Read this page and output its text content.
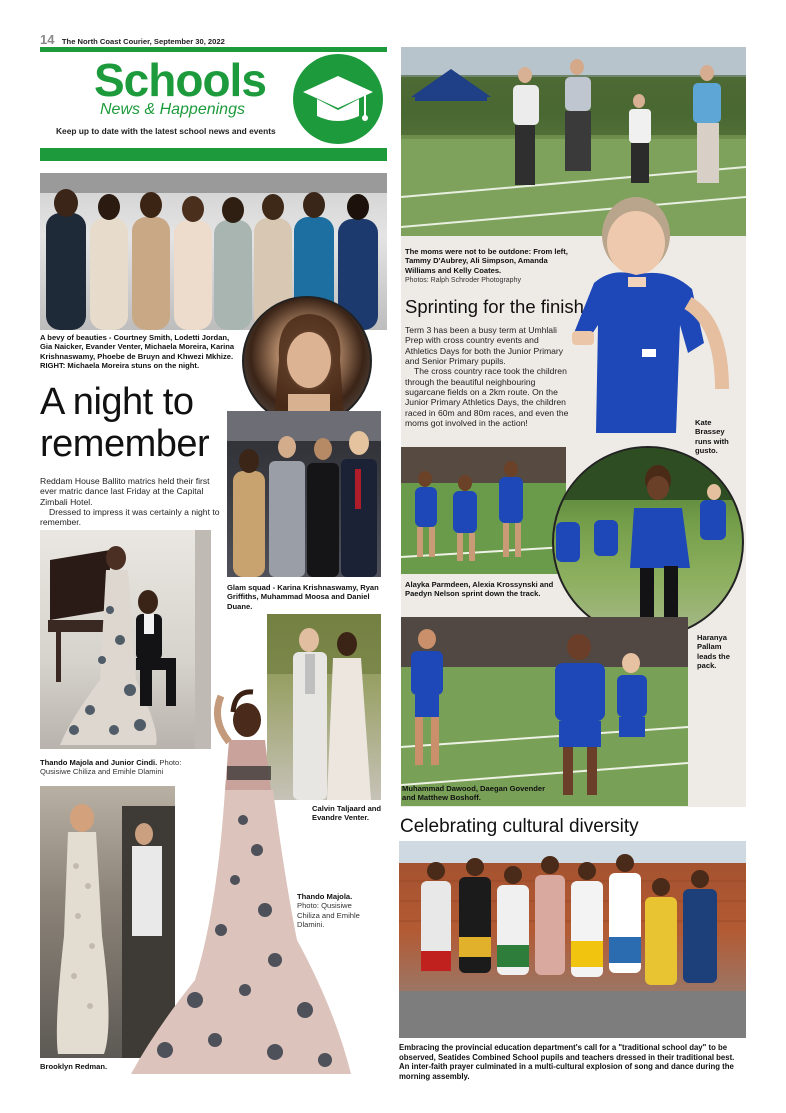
14 The North Coast Courier, September 30, 2022
Schools
News & Happenings
Keep up to date with the latest school news and events
A bevy of beauties - Courtney Smith, Lodetti Jordan, Gia Naicker, Evander Venter, Michaela Moreira, Karina Krishnaswamy, Phoebe de Bruyn and Khwezi Mkhize.
RIGHT: Michaela Moreira stuns on the night.
A night to
remember

Reddam House Ballito matrics held their first ever matric dance last Friday at the Capital Zimbali Hotel.

Dressed to impress it was certainly a night to remember.

Glam squad - Karina Krishnaswamy, Ryan Griffiths, Muhammad Moosa and Daniel Duane.
Thando Majola and Junior Cindi. Photo: Qusisiwe Chiliza and Emihle Dlamini
Calvin Taljaard and Evandre Venter.
Brooklyn Redman.
Thando Majola. Photo: Qusisiwe Chiliza and Emihle Dlamini.
The moms were not to be outdone: From left, Tammy D'Aubrey, Ali Simpson, Amanda Williams and Kelly Coates.
Photos: Ralph Schroder Photography
Sprinting for the finish

Term 3 has been a busy term at Umhlali Prep with cross country events and Athletics Days for both the Junior Primary and Senior Primary pupils.

The cross country race took the children through the beautiful neighbouring sugarcane fields on a 2km route. On the Junior Primary Athletics Days, the children raced in 60m and 80m races, and even the moms got involved in the action!	Kate Brassey runs with gusto.
Alayka Parmdeen, Alexia Krossynski and Paedyn Nelson sprint down the track.
Haranya Pallam leads the pack.
Muhammad Dawood, Daegan Govender and Matthew Boshoff.
Celebrating cultural diversity
Embracing the provincial education department's call for a "traditional school day" to be observed, Seatides Combined School pupils and teachers dressed in their traditional best. An inter-faith prayer culminated in a multi-cultural explosion of song and dance during the morning assembly.
